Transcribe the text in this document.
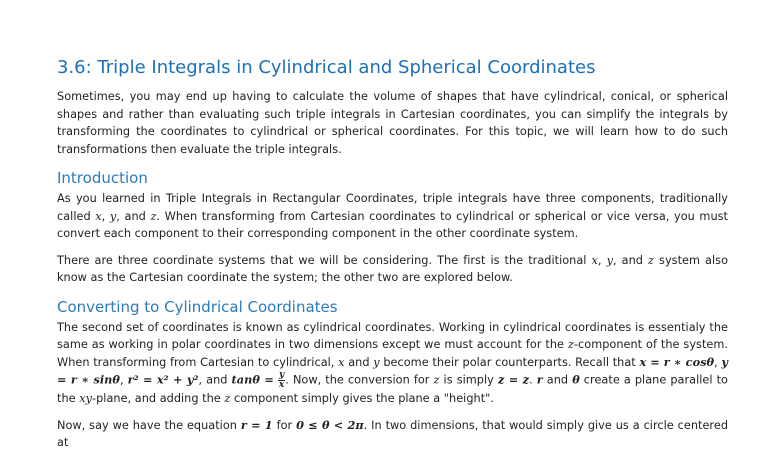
3.6: Triple Integrals in Cylindrical and Spherical Coordinates

Sometimes, you may end up having to calculate the volume of shapes that have cylindrical, conical, or spherical shapes and rather than evaluating such triple integrals in Cartesian coordinates, you can simplify the integrals by transforming the coordinates to cylindrical or spherical coordinates. For this topic, we will learn how to do such transformations then evaluate the triple integrals.

Introduction

As you learned in Triple Integrals in Rectangular Coordinates, triple integrals have three components, traditionally called x, y, and z. When transforming from Cartesian coordinates to cylindrical or spherical or vice versa, you must convert each component to their corresponding component in the other coordinate system.

There are three coordinate systems that we will be considering. The first is the traditional x, y, and z system also know as the Cartesian coordinate the system; the other two are explored below.

Converting to Cylindrical Coordinates

The second set of coordinates is known as cylindrical coordinates. Working in cylindrical coordinates is essentialy the same as working in polar coordinates in two dimensions except we must account for the z-component of the system. When transforming from Cartesian to cylindrical, x and y become their polar counterparts. Recall that x = r ∗ cosθ, y = r ∗ sinθ, r² = x² + y², and $\tan\theta = \frac{y}{x}$ . Now, the conversion for z is simply z = z. r and θ create a plane parallel to the xy-plane, and adding the z component simply gives the plane a "height".

Now, say we have the equation r = 1 for 0 ≤ θ < 2π. In two dimensions, that would simply give us a circle centered at
